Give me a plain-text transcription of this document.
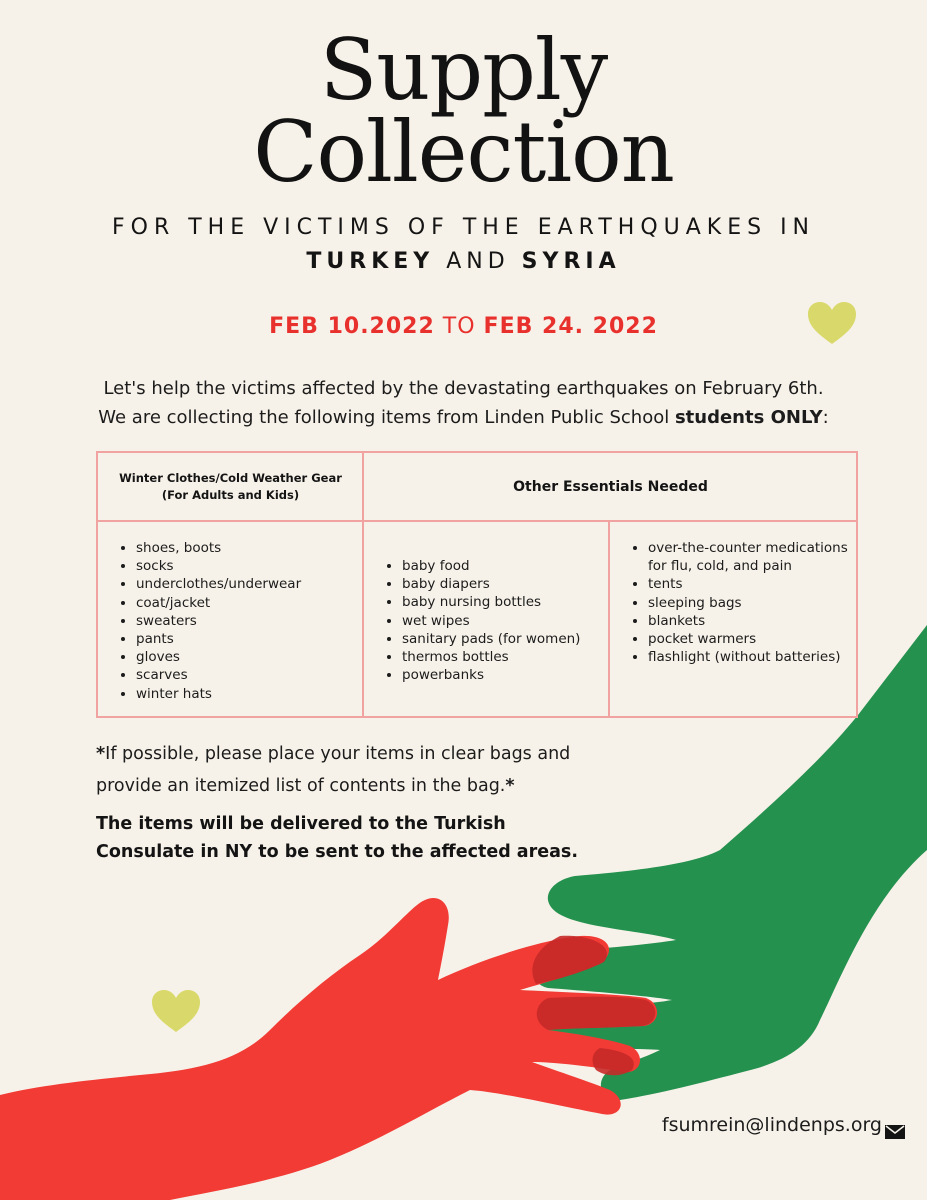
Supply
Collection
FOR THE VICTIMS OF THE EARTHQUAKES IN
TURKEY AND SYRIA
FEB 10.2022 TO FEB 24. 2022
Let's help the victims affected by the devastating earthquakes on February 6th.
We are collecting the following items from Linden Public School students ONLY:
Winter Clothes/Cold Weather Gear
(For Adults and Kids)	Other Essentials Needed
• shoes, boots
• socks
• underclothes/underwear
• coat/jacket
• sweaters
• pants
• gloves
• scarves
• winter hats
• baby food
• baby diapers
• baby nursing bottles
• wet wipes
• sanitary pads (for women)
• thermos bottles
• powerbanks
• over-the-counter medications for flu, cold, and pain
• tents
• sleeping bags
• blankets
• pocket warmers
• flashlight (without batteries)
*If possible, please place your items in clear bags and
provide an itemized list of contents in the bag.*
The items will be delivered to the Turkish
Consulate in NY to be sent to the affected areas.
fsumrein@lindenps.org
